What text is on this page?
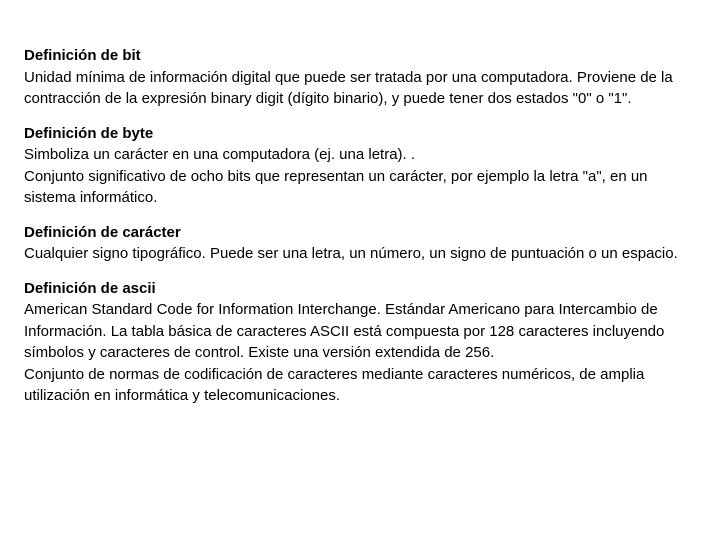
Definición de bit
Unidad mínima de información digital que puede ser tratada por una computadora. Proviene de la contracción de la expresión binary digit (dígito binario), y puede tener dos estados "0" o "1".
Definición de byte
Simboliza un carácter en una computadora (ej. una letra). .
Conjunto significativo de ocho bits que representan un carácter, por ejemplo la letra "a", en un sistema informático.
Definición de carácter
Cualquier signo tipográfico. Puede ser una letra, un número, un signo de puntuación o un espacio.
Definición de ascii
American Standard Code for Information Interchange. Estándar Americano para Intercambio de Información. La tabla básica de caracteres ASCII está compuesta por 128 caracteres incluyendo símbolos y caracteres de control. Existe una versión extendida de 256.
Conjunto de normas de codificación de caracteres mediante caracteres numéricos, de amplia utilización en informática y telecomunicaciones.
